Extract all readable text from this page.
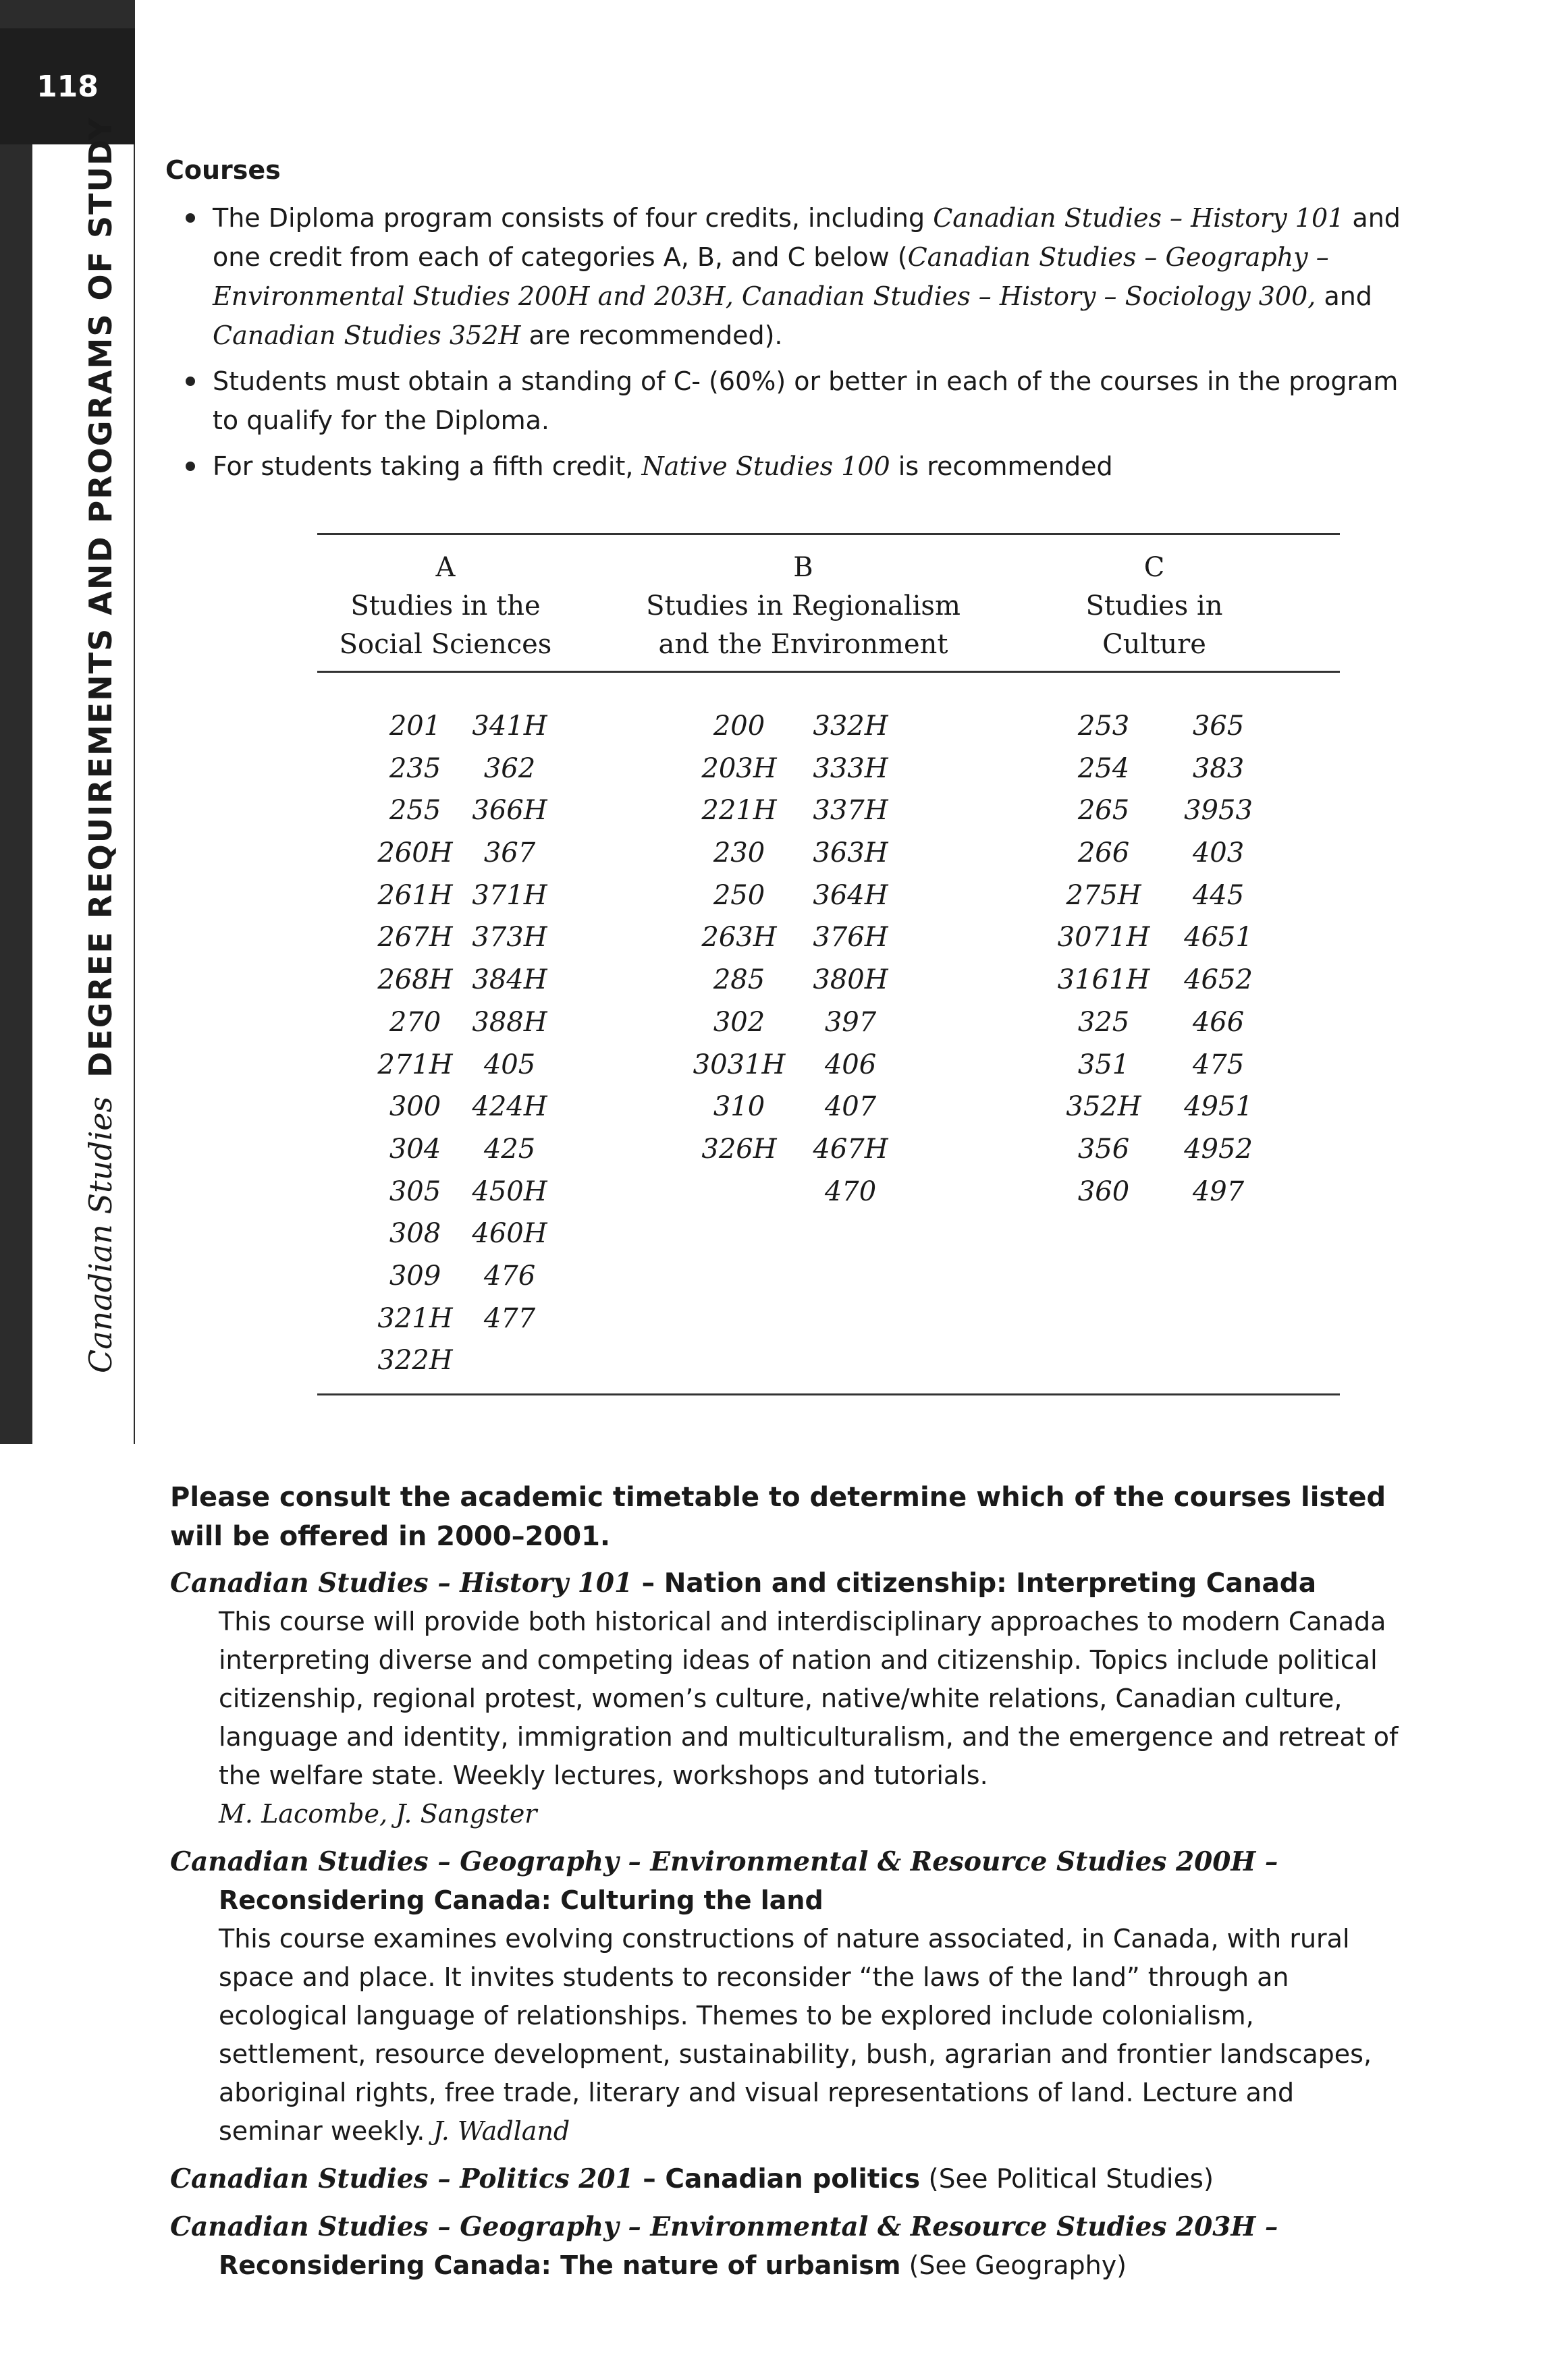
118
Canadian StudiesDEGREE REQUIREMENTS AND PROGRAMS OF STUDY Courses
The Diploma program consists of four credits, including Canadian Studies – History 101 and one credit from each of categories A, B, and C below (Canadian Studies – Geography – Environmental Studies 200H and 203H, Canadian Studies – History – Sociology 300, and Canadian Studies 352H are recommended).
Students must obtain a standing of C- (60%) or better in each of the courses in the program to qualify for the Diploma.
For students taking a fifth credit, Native Studies 100 is recommended
A
Studies in the
Social Sciences
B
Studies in Regionalism
and the Environment
C
Studies in
Culture
201
235
255
260H
261H
267H
268H
270
271H
300
304
305
308
309
321H
322H
341H
362
366H
367
371H
373H
384H
388H
405
424H
425
450H
460H
476
477
200
203H
221H
230
250
263H
285
302
3031H
310
326H
332H
333H
337H
363H
364H
376H
380H
397
406
407
467H
470
253
254
265
266
275H
3071H
3161H
325
351
352H
356
360
365
383
3953
403
445
4651
4652
466
475
4951
4952
497
Please consult the academic timetable to determine which of the courses listed will be offered in 2000–2001.
Canadian Studies – History 101 – Nation and citizenship: Interpreting Canada
This course will provide both historical and interdisciplinary approaches to modern Canada interpreting diverse and competing ideas of nation and citizenship. Topics include political citizenship, regional protest, women’s culture, native/white relations, Canadian culture, language and identity, immigration and multiculturalism, and the emergence and retreat of the welfare state. Weekly lectures, workshops and tutorials.
M. Lacombe, J. Sangster
Canadian Studies – Geography – Environmental & Resource Studies 200H –
Reconsidering Canada: Culturing the land
This course examines evolving constructions of nature associated, in Canada, with rural space and place. It invites students to reconsider “the laws of the land” through an ecological language of relationships. Themes to be explored include colonialism, settlement, resource development, sustainability, bush, agrarian and frontier landscapes, aboriginal rights, free trade, literary and visual representations of land. Lecture and seminar weekly. J. Wadland
Canadian Studies – Politics 201 – Canadian politics (See Political Studies)
Canadian Studies – Geography – Environmental & Resource Studies 203H –
Reconsidering Canada: The nature of urbanism (See Geography)
